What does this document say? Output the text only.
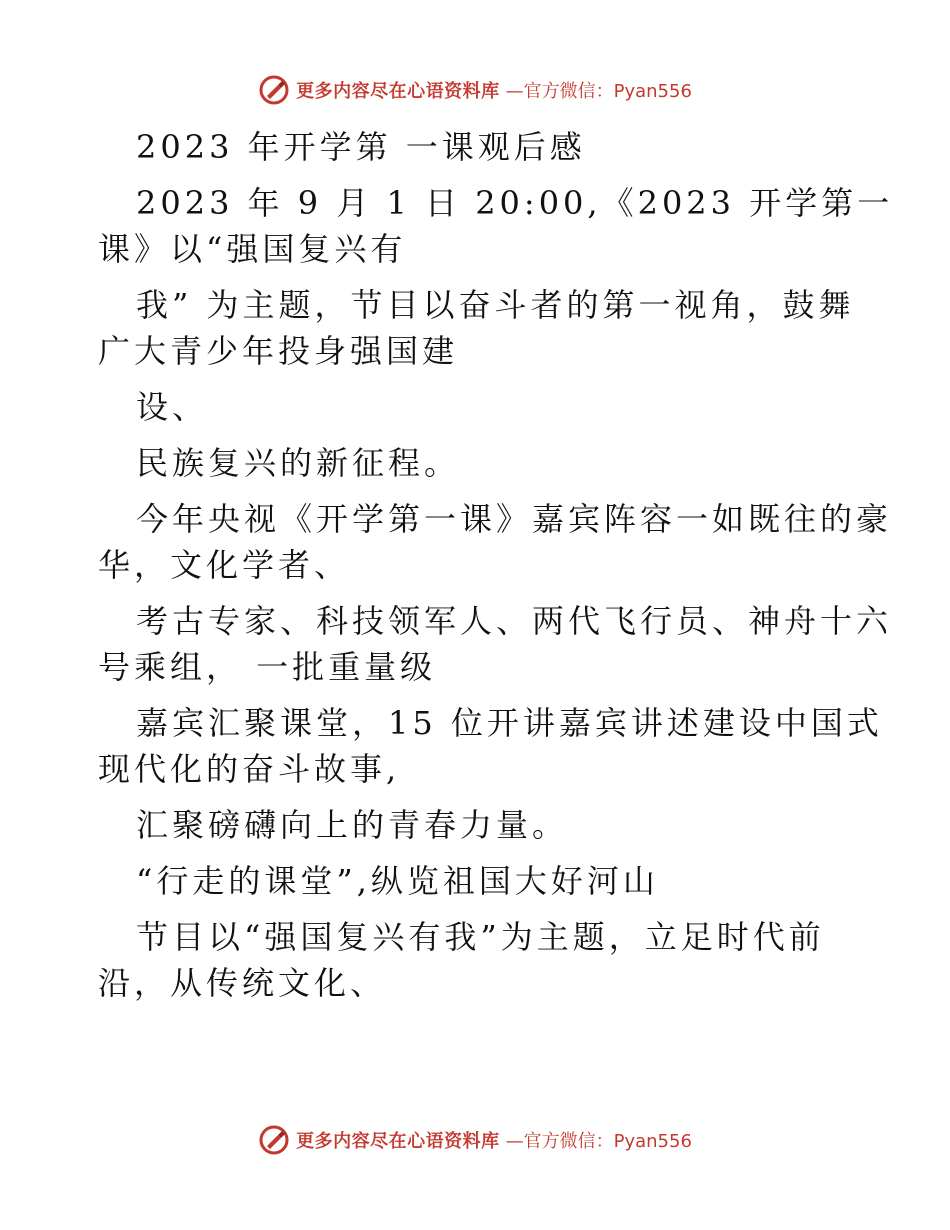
更多内容尽在心语资料库 —官方微信：Pyan556

2023 年开学第 一课观后感

2023 年 9 月 1 日 20:00,《2023 开学第一

课》以“强国复兴有

我” 为主题，节目以奋斗者的第一视角，鼓舞

广大青少年投身强国建

设、

民族复兴的新征程。

今年央视《开学第一课》嘉宾阵容一如既往的豪

华，文化学者、

考古专家、科技领军人、两代飞行员、神舟十六

号乘组， 一批重量级

嘉宾汇聚课堂，15 位开讲嘉宾讲述建设中国式

现代化的奋斗故事,

汇聚磅礴向上的青春力量。

“行走的课堂”,纵览祖国大好河山

节目以“强国复兴有我”为主题，立足时代前

沿，从传统文化、

更多内容尽在心语资料库 —官方微信：Pyan556
